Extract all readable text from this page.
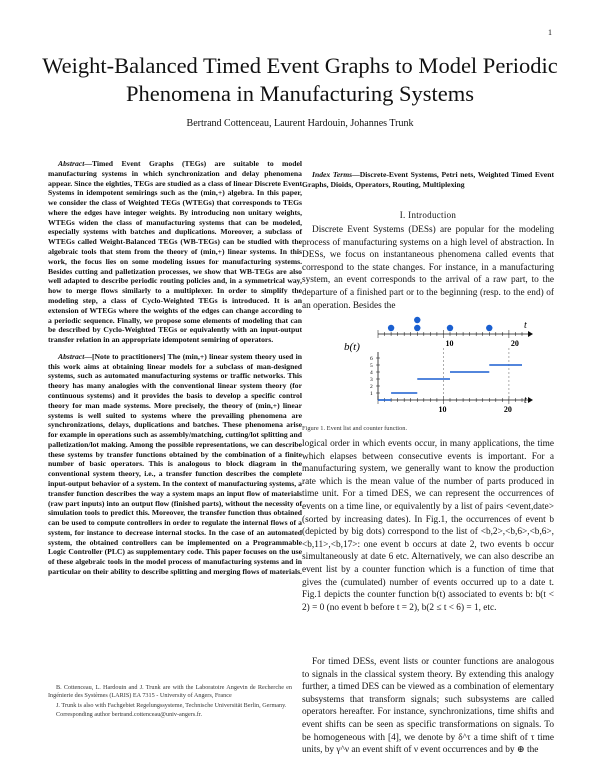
1
Weight-Balanced Timed Event Graphs to Model Periodic Phenomena in Manufacturing Systems
Bertrand Cottenceau, Laurent Hardouin, Johannes Trunk

Abstract—Timed Event Graphs (TEGs) are suitable to model manufacturing systems in which synchronization and delay phenomena appear. Since the eighties, TEGs are studied as a class of linear Discrete Event Systems in idempotent semirings such as the (min,+) algebra. In this paper, we consider the class of Weighted TEGs (WTEGs) that corresponds to TEGs where the edges have integer weights. By introducing non unitary weights, WTEGs widen the class of manufacturing systems that can be modeled, especially systems with batches and duplications. Moreover, a subclass of WTEGs called Weight-Balanced TEGs (WB-TEGs) can be studied with the algebraic tools that stem from the theory of (min,+) linear systems. In this work, the focus lies on some modeling issues for manufacturing systems. Besides cutting and palletization processes, we show that WB-TEGs are also well adapted to describe periodic routing policies and, in a symmetrical way, how to merge flows similarly to a multiplexer. In order to simplify the modeling step, a class of Cyclo-Weighted TEGs is introduced. It is an extension of WTEGs where the weights of the edges can change according to a periodic sequence. Finally, we propose some elements of modeling that can be described by Cyclo-Weighted TEGs or equivalently with an input-output transfer relation in an appropriate idempotent semiring of operators.

Abstract—[Note to practitioners] The (min,+) linear system theory used in this work aims at obtaining linear models for a subclass of man-designed systems, such as automated manufacturing systems or traffic networks. This theory has many analogies with the conventional linear system theory (for continuous systems) and it provides the basis to develop a specific control theory for man made systems. More precisely, the theory of (min,+) linear systems is well suited to systems where the prevailing phenomena are synchronizations, delays, duplications and batches. These phenomena arise for example in operations such as assembly/matching, cutting/lot splitting and palletization/lot making. Among the possible representations, we can describe these systems by transfer functions obtained by the combination of a finite number of basic operators. This is analogous to block diagram in the conventional system theory, i.e., a transfer function describes the complete input-output behavior of a system. In the context of manufacturing systems, a transfer function describes the way a system maps an input flow of materials (raw part inputs) into an output flow (finished parts), without the necessity of simulation tools to predict this. Moreover, the transfer function thus obtained can be used to compute controllers in order to regulate the internal flows of a system, for instance to decrease internal stocks. In the case of an automated system, the obtained controllers can be implemented on a Programmable Logic Controller (PLC) as supplementary code. This paper focuses on the use of these algebraic tools in the model process of manufacturing systems and in particular on their ability to describe splitting and merging flows of materials.

B. Cottenceau, L. Hardouin and J. Trunk are with the Laboratoire Angevin de Recherche en Ingénierie des Systèmes (LARIS) EA 7315 - University of Angers, France

J. Trunk is also with Fachgebiet Regelungssysteme, Technische Universität Berlin, Germany.

Corresponding author bertrand.cottenceau@univ-angers.fr.

Index Terms—Discrete-Event Systems, Petri nets, Weighted Timed Event Graphs, Dioids, Operators, Routing, Multiplexing

I. Introduction

Discrete Event Systems (DESs) are popular for the modeling process of manufacturing systems on a high level of abstraction. In DESs, we focus on instantaneous phenomena called events that correspond to the state changes. For instance, in a manufacturing system, an event corresponds to the arrival of a raw part, to the departure of a finished part or to the beginning (resp. to the end) of an operation. Besides the

10	20
6
5
4
3
2
1
10	20
b(t)
t
t
Figure 1. Event list and counter function.

logical order in which events occur, in many applications, the time which elapses between consecutive events is important. For a manufacturing system, we generally want to know the production rate which is the mean value of the number of parts produced in time unit. For a timed DES, we can represent the occurrences of events on a time line, or equivalently by a list of pairs <event,date> (sorted by increasing dates). In Fig.1, the occurrences of event b (depicted by big dots) correspond to the list of <b,2>,<b,6>,<b,6>,<b,11>,<b,17>: one event b occurs at date 2, two events b occur simultaneously at date 6 etc. Alternatively, we can also describe an event list by a counter function which is a function of time that gives the (cumulated) number of events occurred up to a date t. Fig.1 depicts the counter function b(t) associated to events b: b(t < 2) = 0 (no event b before t = 2), b(2 ≤ t < 6) = 1, etc.

For timed DESs, event lists or counter functions are analogous to signals in the classical system theory. By extending this analogy further, a timed DES can be viewed as a combination of elementary subsystems that transform signals; such subsystems are called operators hereafter. For instance, synchronizations, time shifts and event shifts can be seen as specific transformations on signals. To be homogeneous with [4], we denote by δ^τ a time shift of τ time units, by γ^ν an event shift of ν event occurrences and by ⊕ the
